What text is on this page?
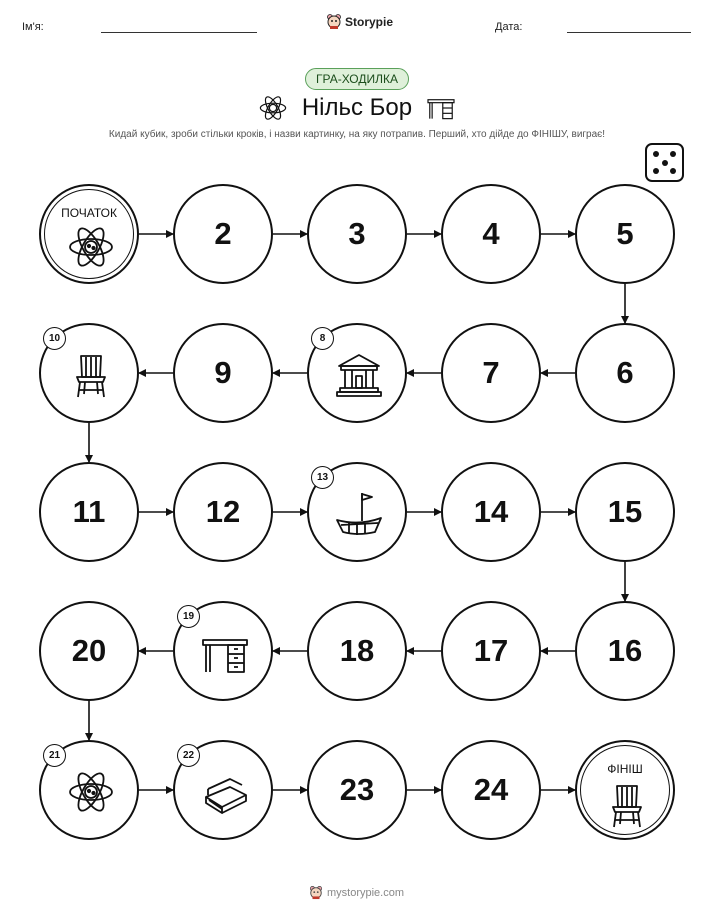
Ім'я:	Storypie	Дата:
ГРА-ХОДИЛКА
Нільс Бор
Кидай кубик, зроби стільки кроків, і назви картинку, на яку потрапив. Перший, хто дійде до ФІНІШУ, виграє!
ПОЧАТОК
2	3	4	5
6
7
8
9
10
11	12
13
14	15
16
17
18
19
20
21	22
23	24
ФІНІШ
mystorypie.com
